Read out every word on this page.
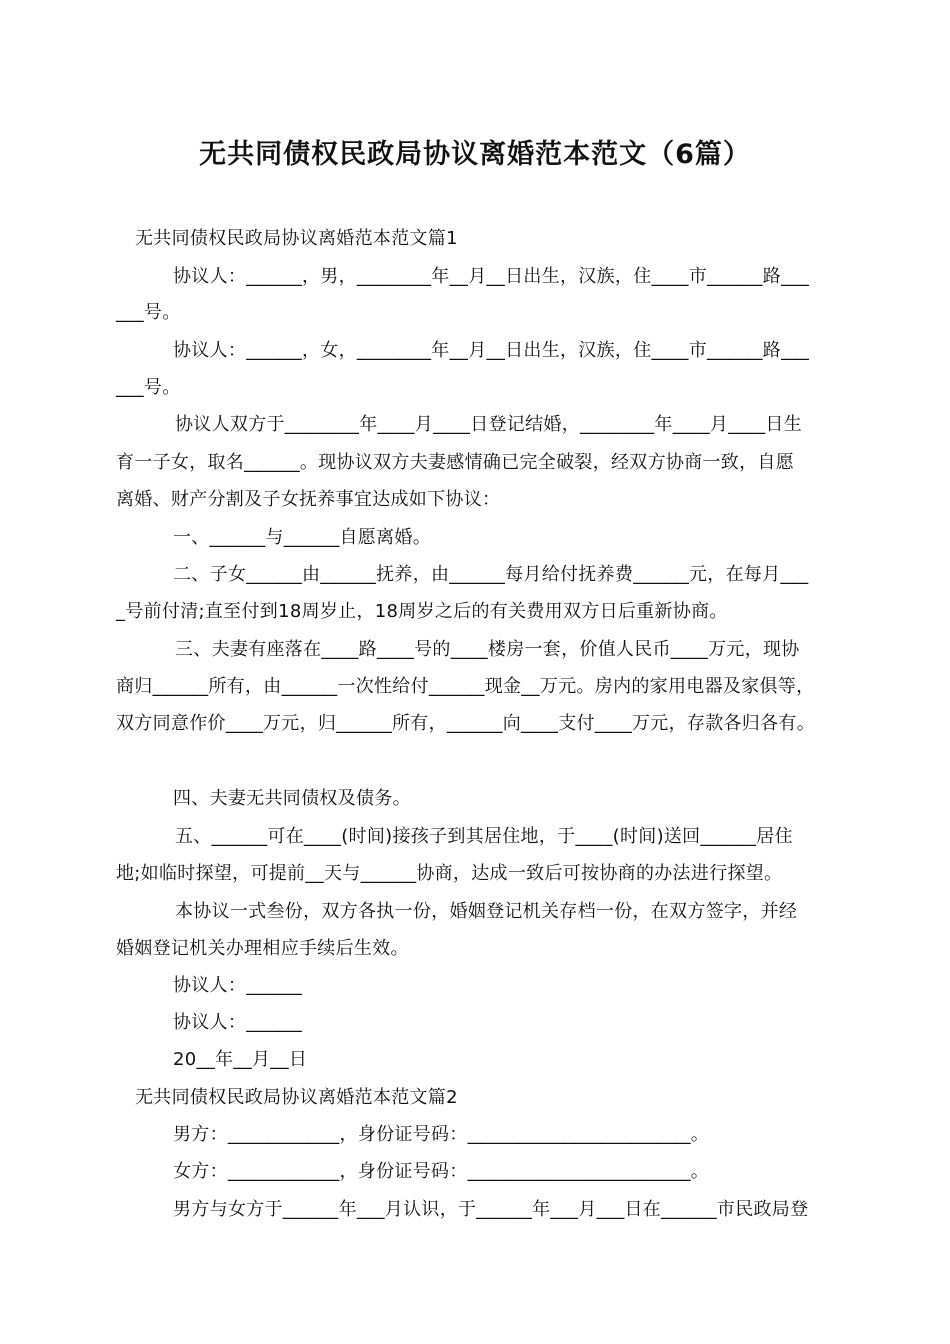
无共同债权民政局协议离婚范本范文（6篇）
无共同债权民政局协议离婚范本范文篇1
协议人：______，男，________年__月__日出生，汉族，住____市______路___
___号。
协议人：______，女，________年__月__日出生，汉族，住____市______路___
___号。
协议人双方于________年____月____日登记结婚，________年____月____日生
育一子女，取名______。现协议双方夫妻感情确已完全破裂，经双方协商一致，自愿
离婚、财产分割及子女抚养事宜达成如下协议：
一、______与______自愿离婚。
二、子女______由______抚养，由______每月给付抚养费______元，在每月___
_号前付清;直至付到18周岁止，18周岁之后的有关费用双方日后重新协商。
三、夫妻有座落在____路____号的____楼房一套，价值人民币____万元，现协
商归______所有，由______一次性给付______现金__万元。房内的家用电器及家俱等，
双方同意作价____万元，归______所有，______向____支付____万元，存款各归各有。
四、夫妻无共同债权及债务。
五、______可在____(时间)接孩子到其居住地，于____(时间)送回______居住
地;如临时探望，可提前__天与______协商，达成一致后可按协商的办法进行探望。
本协议一式叁份，双方各执一份，婚姻登记机关存档一份，在双方签字，并经
婚姻登记机关办理相应手续后生效。
协议人：______
协议人：______
20__年__月__日
无共同债权民政局协议离婚范本范文篇2
男方：____________，身份证号码：________________________。
女方：____________，身份证号码：________________________。
男方与女方于______年___月认识，于______年___月___日在______市民政局登
